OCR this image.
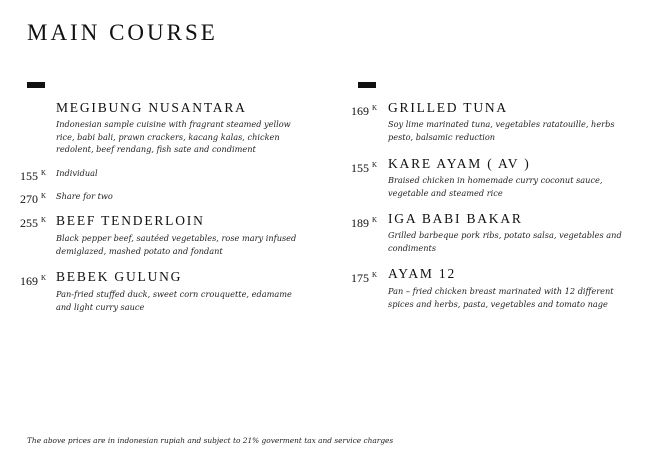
MAIN COURSE
MEGIBUNG NUSANTARA
Indonesian sample cuisine with fragrant steamed yellow rice, babi bali, prawn crackers, kacang kalas, chicken redolent, beef rendang, fish sate and condiment
155 $^K$ Individual
270 $^K$ Share for two
255 $^K$ BEEF TENDERLOIN
Black pepper beef, sautéed vegetables, rose mary infused demiglazed, mashed potato and fondant
169 $^K$ BEBEK GULUNG
Pan-fried stuffed duck, sweet corn crouquette, edamame and light curry sauce
169 $^K$ GRILLED TUNA
Soy lime marinated tuna, vegetables ratatouille, herbs pesto, balsamic reduction
155 $^K$ KARE AYAM ( AV )
Braised chicken in homemade curry coconut sauce, vegetable and steamed rice
189 $^K$ IGA BABI BAKAR
Grilled barbeque pork ribs, potato salsa, vegetables and condiments
175 $^K$ AYAM 12
Pan – fried chicken breast marinated with 12 different spices and herbs, pasta, vegetables and tomato nage
The above prices are in indonesian rupiah and subject to 21% goverment tax and service charges
